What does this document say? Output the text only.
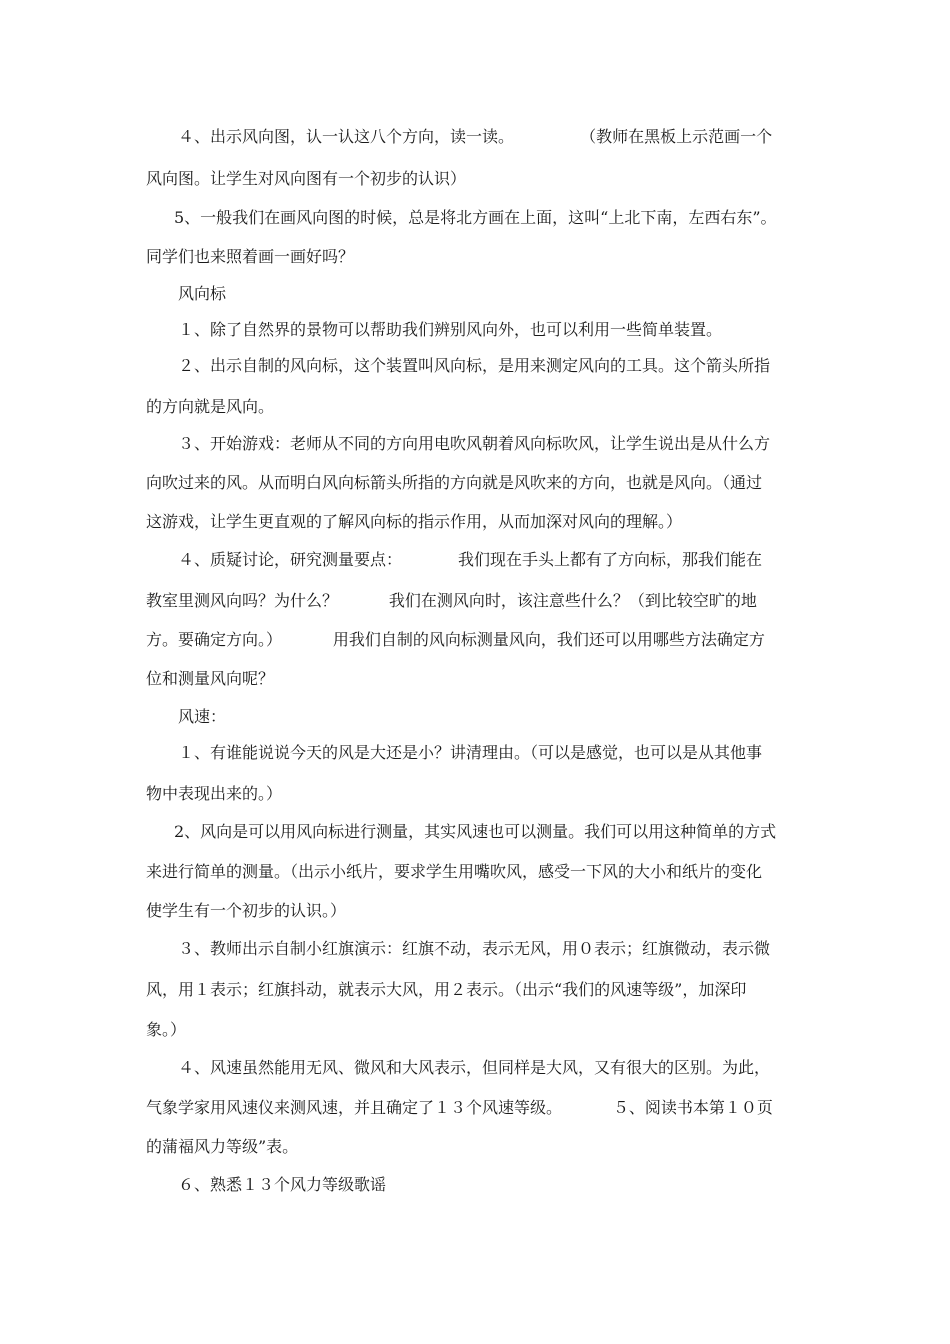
４、出示风向图，认一认这八个方向，读一读。             （教师在黑板上示范画一个
风向图。让学生对风向图有一个初步的认识）
5、一般我们在画风向图的时候，总是将北方画在上面，这叫“上北下南，左西右东”。
同学们也来照着画一画好吗？
风向标
１、除了自然界的景物可以帮助我们辨别风向外，也可以利用一些简单装置。
２、出示自制的风向标，这个装置叫风向标，是用来测定风向的工具。这个箭头所指
的方向就是风向。
３、开始游戏：老师从不同的方向用电吹风朝着风向标吹风，让学生说出是从什么方
向吹过来的风。从而明白风向标箭头所指的方向就是风吹来的方向，也就是风向。（通过
这游戏，让学生更直观的了解风向标的指示作用，从而加深对风向的理解。）
４、质疑讨论，研究测量要点：           我们现在手头上都有了方向标，那我们能在
教室里测风向吗？为什么？          我们在测风向时，该注意些什么？（到比较空旷的地
方。要确定方向。）          用我们自制的风向标测量风向，我们还可以用哪些方法确定方
位和测量风向呢？
风速：
１、有谁能说说今天的风是大还是小？讲清理由。（可以是感觉，也可以是从其他事
物中表现出来的。）
2、风向是可以用风向标进行测量，其实风速也可以测量。我们可以用这种简单的方式
来进行简单的测量。（出示小纸片，要求学生用嘴吹风，感受一下风的大小和纸片的变化
使学生有一个初步的认识。）
３、教师出示自制小红旗演示：红旗不动，表示无风，用０表示；红旗微动，表示微
风，用１表示；红旗抖动，就表示大风，用２表示。（出示“我们的风速等级”，加深印
象。）
４、风速虽然能用无风、微风和大风表示，但同样是大风，又有很大的区别。为此，
气象学家用风速仪来测风速，并且确定了１３个风速等级。          ５、阅读书本第１０页
的蒲福风力等级”表。
６、熟悉１３个风力等级歌谣
